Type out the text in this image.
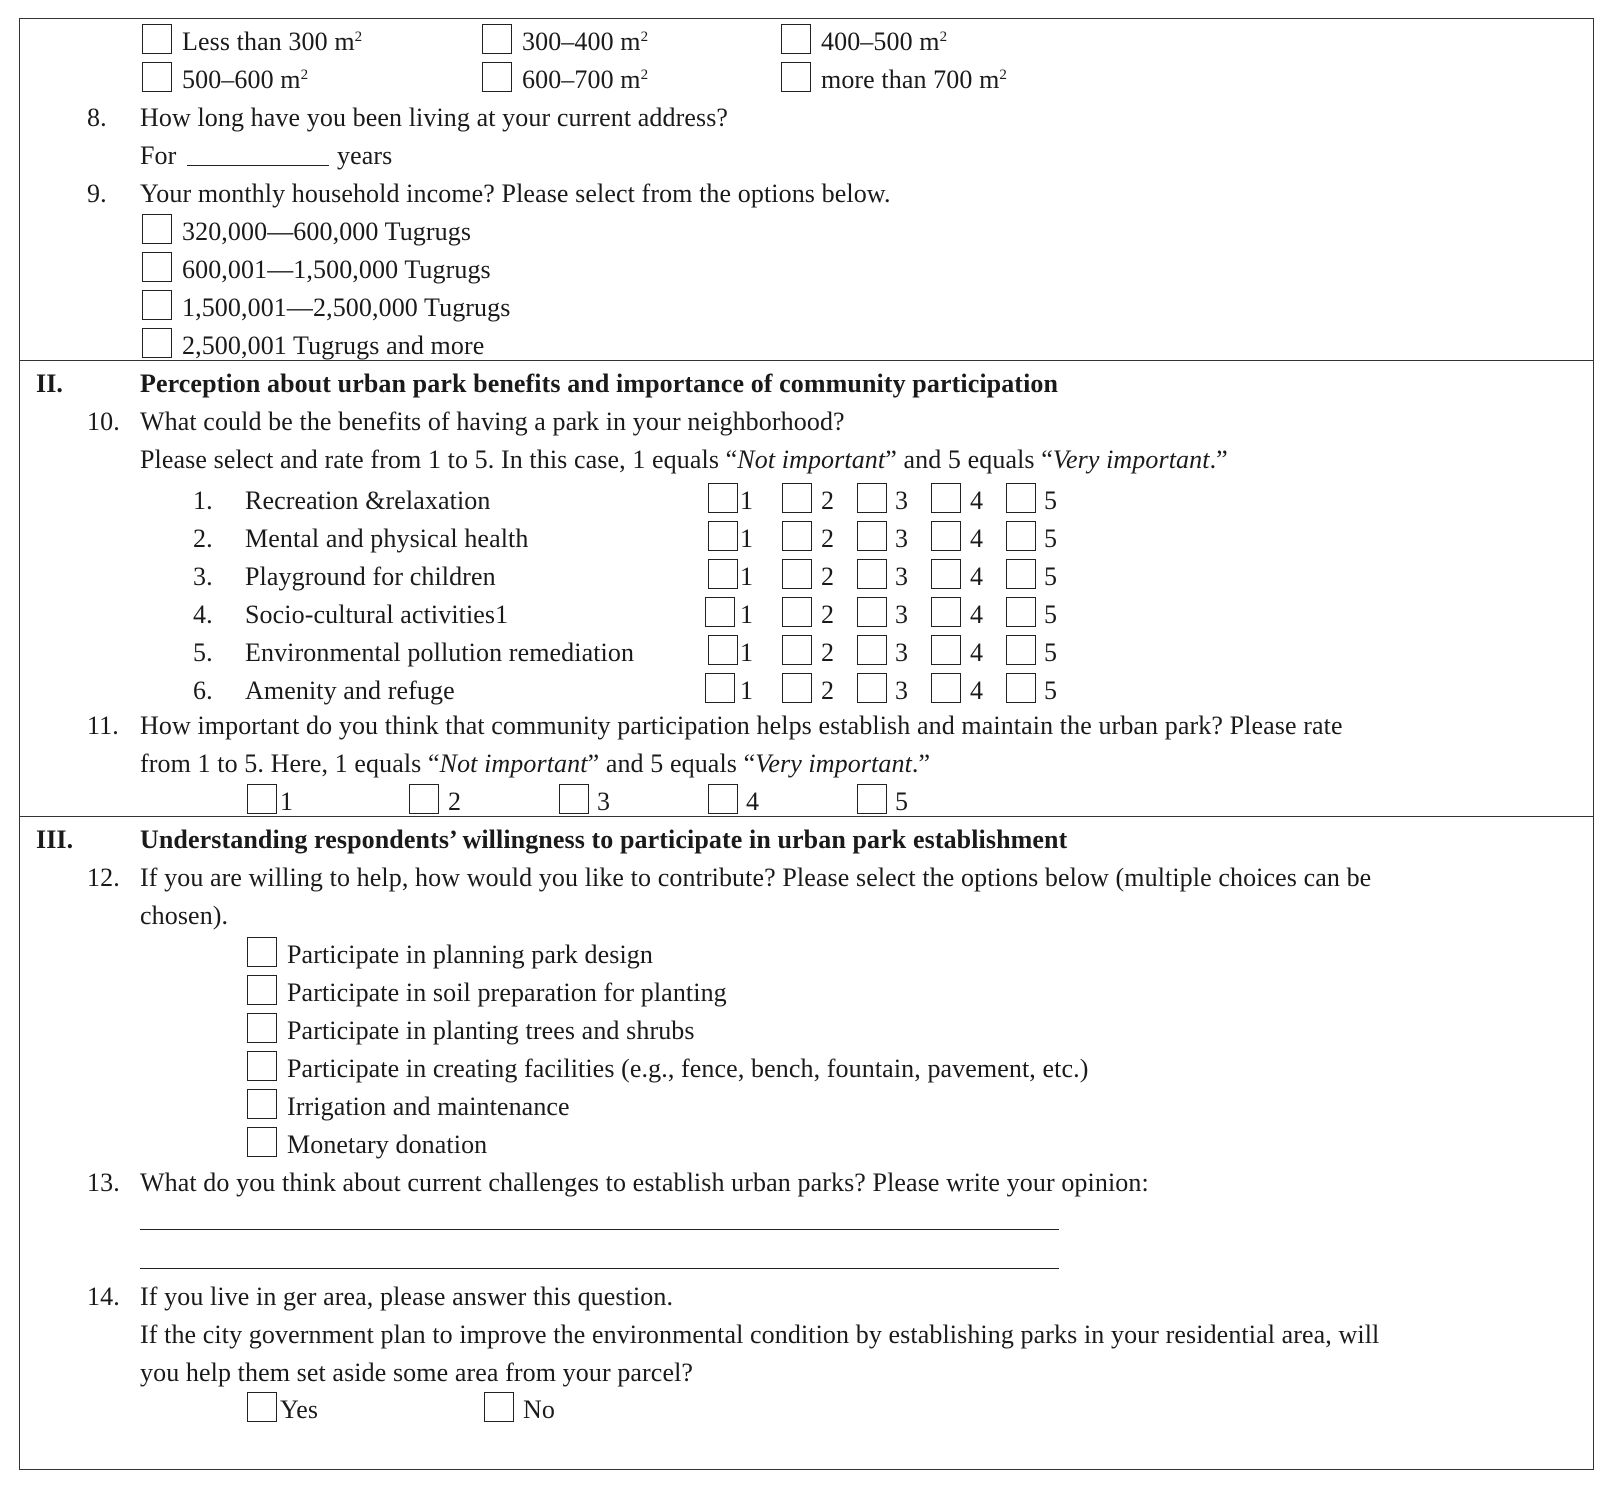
Less than 300 $m^2$	300–400 $m^2$	400–500 $m^2$
500–600 $m^2$	600–700 $m^2$	more than 700 $m^2$
8. How long have you been living at your current address?
For	years
9. Your monthly household income? Please select from the options below.
320,000—600,000 Tugrugs
600,001—1,500,000 Tugrugs
1,500,001—2,500,000 Tugrugs
2,500,001 Tugrugs and more
II.	Perception about urban park benefits and importance of community participation
10. What could be the benefits of having a park in your neighborhood?
Please select and rate from 1 to 5. In this case, 1 equals “Not important” and 5 equals “Very important.”
1. Recreation &relaxation	1	2 3 4 5
2. Mental and physical health	1	2 3 4 5
3. Playground for children	1	2 3 4 5
4. Socio-cultural activities1	1	2 3 4 5
5. Environmental pollution remediation	1	2 3 4 5
6. Amenity and refuge	1	2 3 4 5
11. How important do you think that community participation helps establish and maintain the urban park? Please rate
from 1 to 5. Here, 1 equals “Not important” and 5 equals “Very important.”
1	2	3	4	5
III.	Understanding respondents’ willingness to participate in urban park establishment
12. If you are willing to help, how would you like to contribute? Please select the options below (multiple choices can be
chosen).
Participate in planning park design
Participate in soil preparation for planting
Participate in planting trees and shrubs
Participate in creating facilities (e.g., fence, bench, fountain, pavement, etc.)
Irrigation and maintenance
Monetary donation
13. What do you think about current challenges to establish urban parks? Please write your opinion:
14. If you live in ger area, please answer this question.
If the city government plan to improve the environmental condition by establishing parks in your residential area, will
you help them set aside some area from your parcel?
Yes	No
